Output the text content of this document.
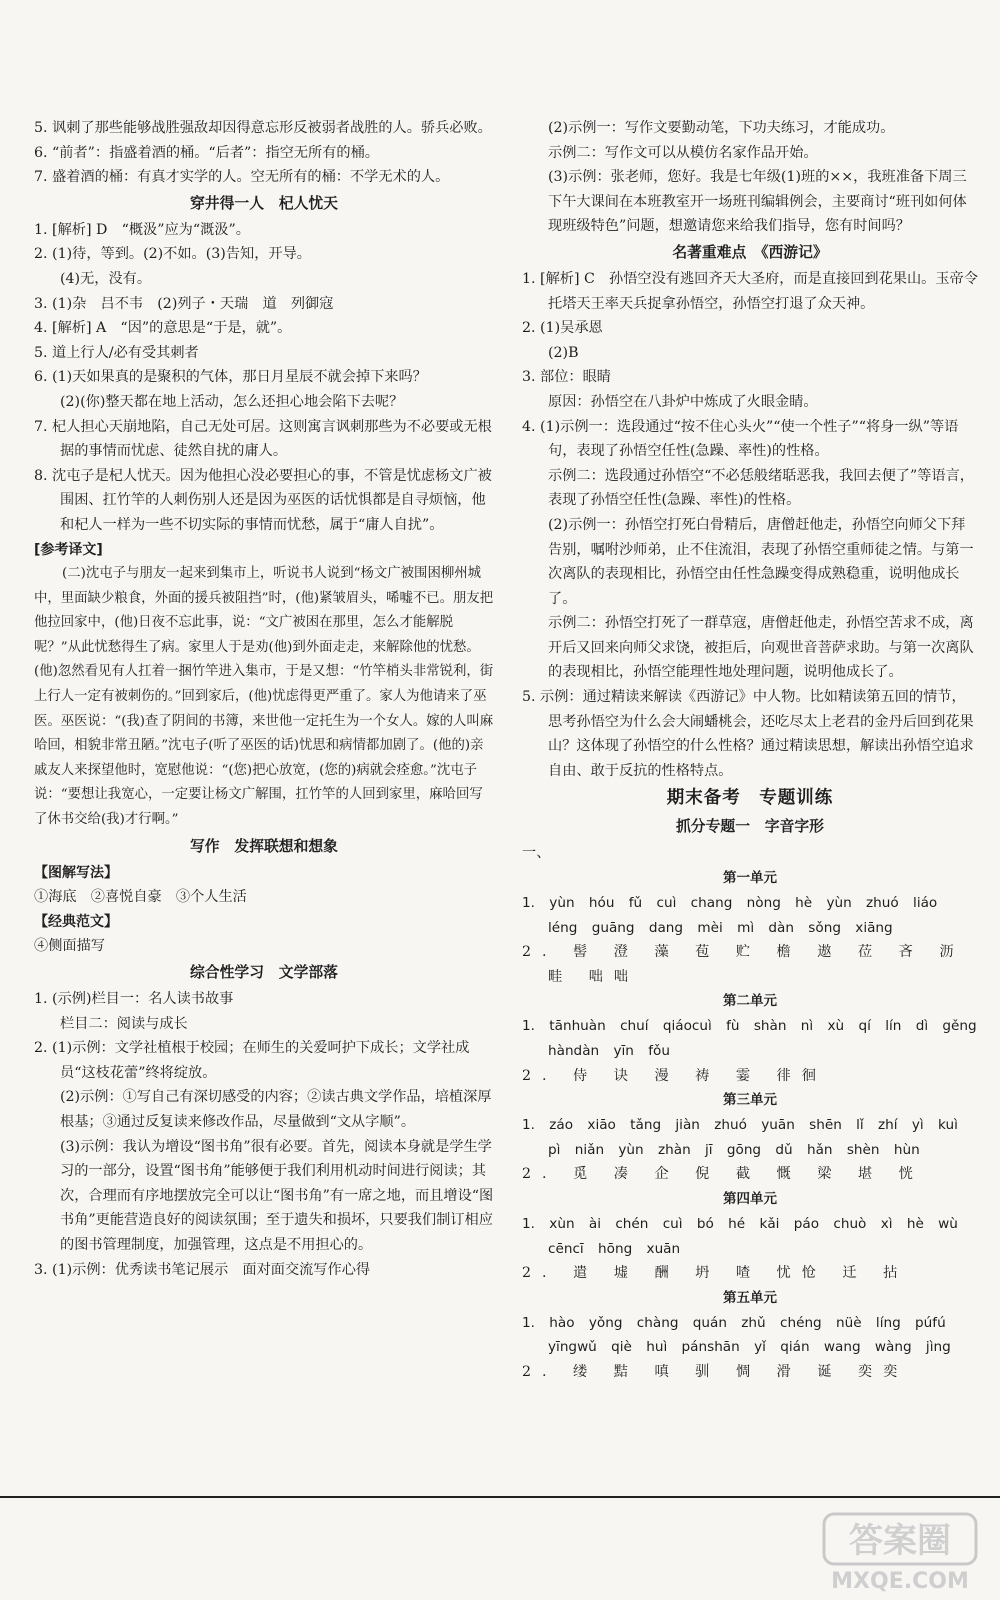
5. 讽刺了那些能够战胜强敌却因得意忘形反被弱者战胜的人。骄兵必败。

6. “前者”：指盛着酒的桶。“后者”：指空无所有的桶。

7. 盛着酒的桶：有真才实学的人。空无所有的桶：不学无术的人。

穿井得一人　杞人忧天

1. [解析] D　“概汲”应为“溉汲”。

2. (1)待，等到。(2)不如。(3)告知，开导。

(4)无，没有。

3. (1)杂　吕不韦　(2)列子・天瑞　道　列御寇

4. [解析] A　“因”的意思是“于是，就”。

5. 道上行人/必有受其刺者

6. (1)天如果真的是聚积的气体，那日月星辰不就会掉下来吗？

(2)(你)整天都在地上活动，怎么还担心地会陷下去呢？

7. 杞人担心天崩地陷，自己无处可居。这则寓言讽刺那些为不必要或无根据的事情而忧虑、徒然自扰的庸人。

8. 沈屯子是杞人忧天。因为他担心没必要担心的事，不管是忧虑杨文广被围困、扛竹竿的人刺伤别人还是因为巫医的话忧惧都是自寻烦恼，他和杞人一样为一些不切实际的事情而忧愁，属于“庸人自扰”。

[参考译文]

(二)沈屯子与朋友一起来到集市上，听说书人说到“杨文广被围困柳州城中，里面缺少粮食，外面的援兵被阻挡”时，(他)紧皱眉头，唏嘘不已。朋友把他拉回家中，(他)日夜不忘此事，说：“文广被困在那里，怎么才能解脱呢？”从此忧愁得生了病。家里人于是劝(他)到外面走走，来解除他的忧愁。(他)忽然看见有人扛着一捆竹竿进入集市，于是又想：“竹竿梢头非常锐利，街上行人一定有被刺伤的。”回到家后，(他)忧虑得更严重了。家人为他请来了巫医。巫医说：“(我)查了阴间的书簿，来世他一定托生为一个女人。嫁的人叫麻哈回，相貌非常丑陋。”沈屯子(听了巫医的话)忧思和病情都加剧了。(他的)亲戚友人来探望他时，宽慰他说：“(您)把心放宽，(您的)病就会痊愈。”沈屯子说：“要想让我宽心，一定要让杨文广解围，扛竹竿的人回到家里，麻哈回写了休书交给(我)才行啊。”

写作　发挥联想和想象

【图解写法】

①海底　②喜悦自豪　③个人生活

【经典范文】

④侧面描写

综合性学习　文学部落

1. (示例)栏目一：名人读书故事

栏目二：阅读与成长

2. (1)示例：文学社植根于校园；在师生的关爱呵护下成长；文学社成员“这枝花蕾”终将绽放。

(2)示例：①写自己有深切感受的内容；②读古典文学作品，培植深厚根基；③通过反复读来修改作品，尽量做到“文从字顺”。

(3)示例：我认为增设“图书角”很有必要。首先，阅读本身就是学生学习的一部分，设置“图书角”能够便于我们利用机动时间进行阅读；其次，合理而有序地摆放完全可以让“图书角”有一席之地，而且增设“图书角”更能营造良好的阅读氛围；至于遗失和损坏，只要我们制订相应的图书管理制度，加强管理，这点是不用担心的。

3. (1)示例：优秀读书笔记展示　面对面交流写作心得

(2)示例一：写作文要勤动笔，下功夫练习，才能成功。

示例二：写作文可以从模仿名家作品开始。

(3)示例：张老师，您好。我是七年级(1)班的××，我班准备下周三下午大课间在本班教室开一场班刊编辑例会，主要商讨“班刊如何体现班级特色”问题，想邀请您来给我们指导，您有时间吗？

名著重难点　《西游记》

1. [解析] C　孙悟空没有逃回齐天大圣府，而是直接回到花果山。玉帝令托塔天王率天兵捉拿孙悟空，孙悟空打退了众天神。

2. (1)吴承恩

(2)B

3. 部位：眼睛

原因：孙悟空在八卦炉中炼成了火眼金睛。

4. (1)示例一：选段通过“按不住心头火”“使一个性子”“将身一纵”等语句，表现了孙悟空任性(急躁、率性)的性格。

示例二：选段通过孙悟空“不必恁般绪聒恶我，我回去便了”等语言，表现了孙悟空任性(急躁、率性)的性格。

(2)示例一：孙悟空打死白骨精后，唐僧赶他走，孙悟空向师父下拜告别，嘱咐沙师弟，止不住流泪，表现了孙悟空重师徒之情。与第一次离队的表现相比，孙悟空由任性急躁变得成熟稳重，说明他成长了。

示例二：孙悟空打死了一群草寇，唐僧赶他走，孙悟空苦求不成，离开后又回来向师父求饶，被拒后，向观世音菩萨求助。与第一次离队的表现相比，孙悟空能理性地处理问题，说明他成长了。

5. 示例：通过精读来解读《西游记》中人物。比如精读第五回的情节，思考孙悟空为什么会大闹蟠桃会，还吃尽太上老君的金丹后回到花果山？这体现了孙悟空的什么性格？通过精读思想，解读出孙悟空追求自由、敢于反抗的性格特点。

期末备考　专题训练

抓分专题一　字音字形

一、

第一单元

1. yùn hóu fǔ cuì chang nòng hè yùn zhuó liáo léng guāng dang mèi mì dàn sǒng xiāng

2. 髻 澄 藻 苞 贮 檐 遨 莅 吝 沥 畦 咄咄

第二单元

1. tānhuàn chuí qiáocuì fù shàn nì xù qí lín dì gěng hàndàn yīn fǒu

2. 侍 诀 漫 祷 霎 徘徊

第三单元

1. záo xiāo tǎng jiàn zhuó yuān shēn lǐ zhí yì kuì pì niǎn yùn zhàn jī gōng dǔ hǎn shèn hùn

2. 觅 凑 企 倪 截 慨 梁 堪 恍

第四单元

1. xùn ài chén cuì bó hé kǎi páo chuò xì hè wù cēncī hōng xuān

2. 遣 墟 酬 坍 喳 忧怆 迁 拈

第五单元

1. hào yǒng chàng quán zhǔ chéng nüè líng púfú yīngwǔ qiè huì pánshān yǐ qián wang wàng jìng

2. 缕 黠 嗔 驯 惆 滑 诞 奕奕

答案圈
MXQE.COM
